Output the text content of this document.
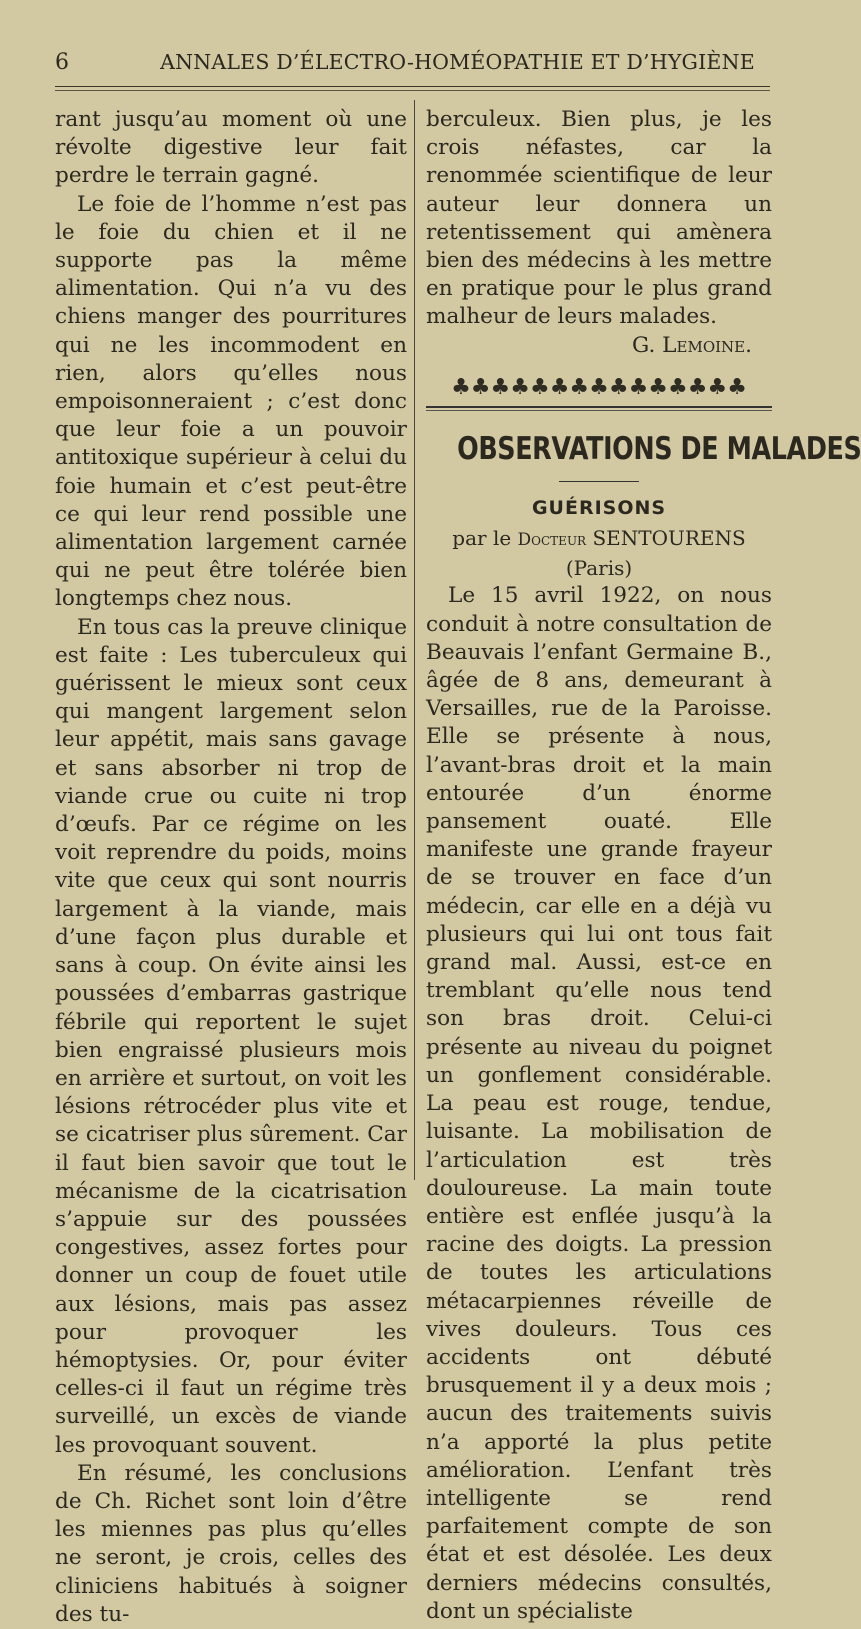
6	ANNALES D’ÉLECTRO-HOMÉOPATHIE ET D’HYGIÈNE

rant jusqu’au moment où une révolte digestive leur fait perdre le terrain gagné.

Le foie de l’homme n’est pas le foie du chien et il ne supporte pas la même alimentation. Qui n’a vu des chiens manger des pourritures qui ne les incommodent en rien, alors qu’elles nous empoisonneraient ; c’est donc que leur foie a un pouvoir antitoxique supérieur à celui du foie humain et c’est peut-être ce qui leur rend possible une alimentation largement carnée qui ne peut être tolérée bien longtemps chez nous.

En tous cas la preuve clinique est faite : Les tuberculeux qui guérissent le mieux sont ceux qui mangent largement selon leur appétit, mais sans gavage et sans absorber ni trop de viande crue ou cuite ni trop d’œufs. Par ce régime on les voit reprendre du poids, moins vite que ceux qui sont nourris largement à la viande, mais d’une façon plus durable et sans à coup. On évite ainsi les poussées d’embarras gastrique fébrile qui reportent le sujet bien engraissé plusieurs mois en arrière et surtout, on voit les lésions rétrocéder plus vite et se cicatriser plus sûrement. Car il faut bien savoir que tout le mécanisme de la cicatrisation s’appuie sur des poussées congestives, assez fortes pour donner un coup de fouet utile aux lésions, mais pas assez pour provoquer les hémoptysies. Or, pour éviter celles-ci il faut un régime très surveillé, un excès de viande les provoquant souvent.

En résumé, les conclusions de Ch. Richet sont loin d’être les miennes pas plus qu’elles ne seront, je crois, celles des cliniciens habitués à soigner des tu-

berculeux. Bien plus, je les crois néfastes, car la renommée scientifique de leur auteur leur donnera un retentissement qui amènera bien des médecins à les mettre en pratique pour le plus grand malheur de leurs malades.

G. Lemoine.

♣♣♣♣♣♣♣♣♣♣♣♣♣♣♣
OBSERVATIONS DE MALADES
GUÉRISONS
par le Docteur SENTOURENS (Paris)

Le 15 avril 1922, on nous conduit à notre consultation de Beauvais l’enfant Germaine B., âgée de 8 ans, demeurant à Versailles, rue de la Paroisse. Elle se présente à nous, l’avant-bras droit et la main entourée d’un énorme pansement ouaté. Elle manifeste une grande frayeur de se trouver en face d’un médecin, car elle en a déjà vu plusieurs qui lui ont tous fait grand mal. Aussi, est-ce en tremblant qu’elle nous tend son bras droit. Celui-ci présente au niveau du poignet un gonflement considérable. La peau est rouge, tendue, luisante. La mobilisation de l’articulation est très douloureuse. La main toute entière est enflée jusqu’à la racine des doigts. La pression de toutes les articulations métacarpiennes réveille de vives douleurs. Tous ces accidents ont débuté brusquement il y a deux mois ; aucun des traitements suivis n’a apporté la plus petite amélioration. L’enfant très intelligente se rend parfaitement compte de son état et est désolée. Les deux derniers médecins consultés, dont un spécialiste
